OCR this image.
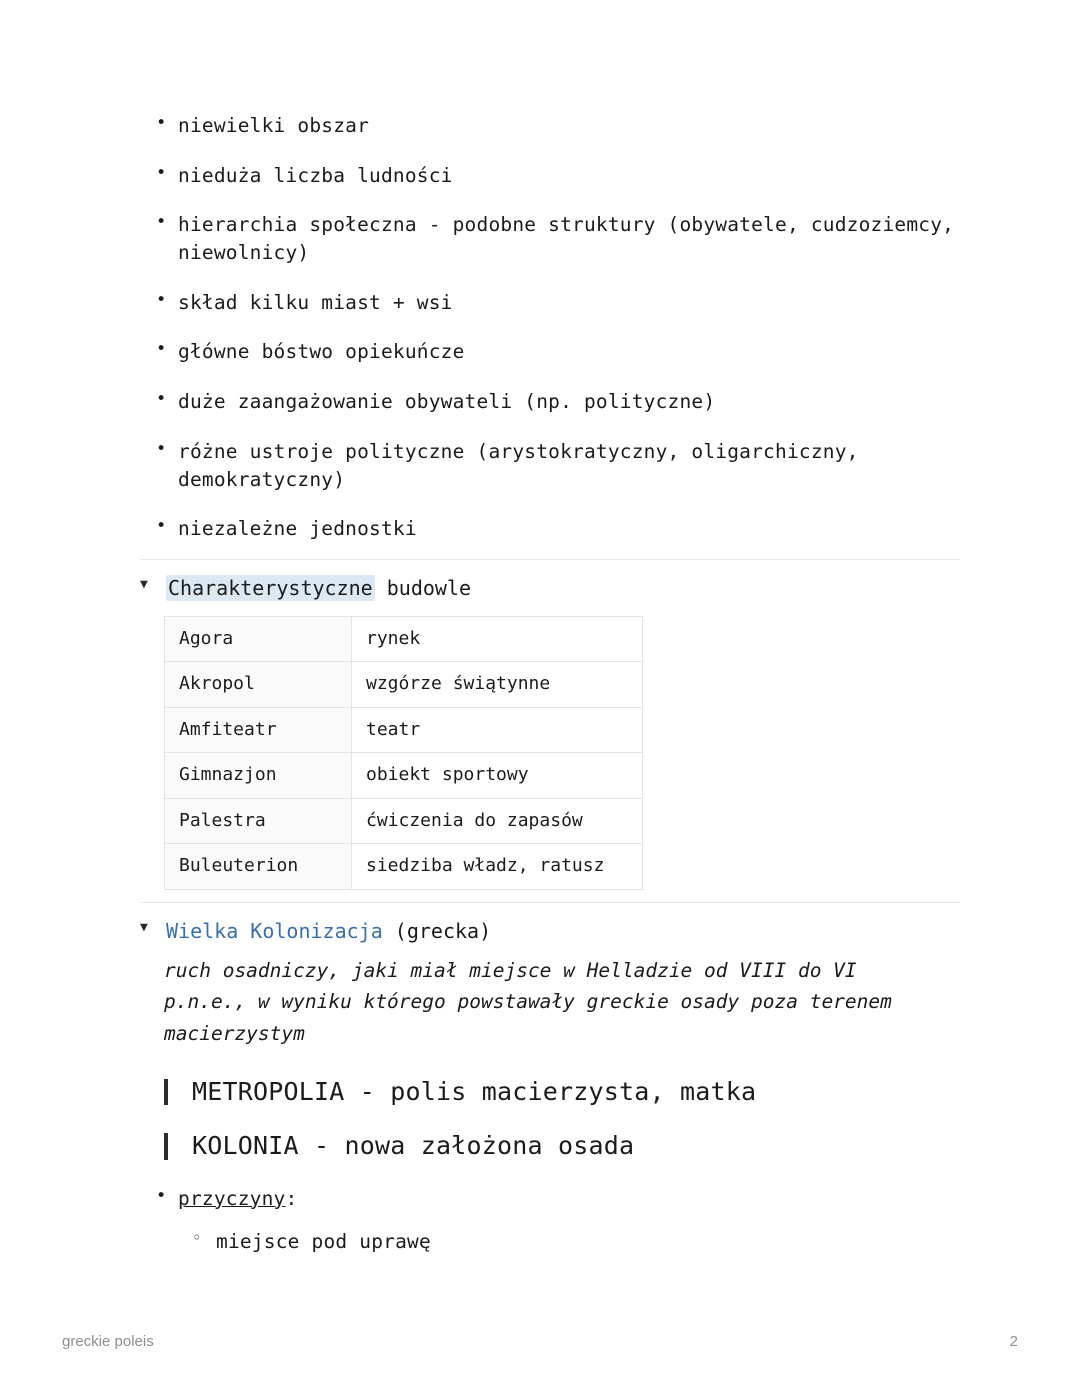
• niewielki obszar
• nieduża liczba ludności
• hierarchia społeczna - podobne struktury (obywatele, cudzoziemcy, niewolnicy)
• skład kilku miast + wsi
• główne bóstwo opiekuńcze
• duże zaangażowanie obywateli (np. polityczne)
• różne ustroje polityczne (arystokratyczny, oligarchiczny, demokratyczny)
• niezależne jednostki
▼	Charakterystyczne budowle
Agora	rynek
Akropol	wzgórze świątynne
Amfiteatr	teatr
Gimnazjon	obiekt sportowy
Palestra	ćwiczenia do zapasów
Buleuterion	siedziba władz, ratusz
▼ Wielka Kolonizacja (grecka)

ruch osadniczy, jaki miał miejsce w Helladzie od VIII do VI p.n.e., w wyniku którego powstawały greckie osady poza terenem macierzystym

METROPOLIA - polis macierzysta, matka
KOLONIA - nowa założona osada
• przyczyny:
◦ miejsce pod uprawę
greckie poleis	2
